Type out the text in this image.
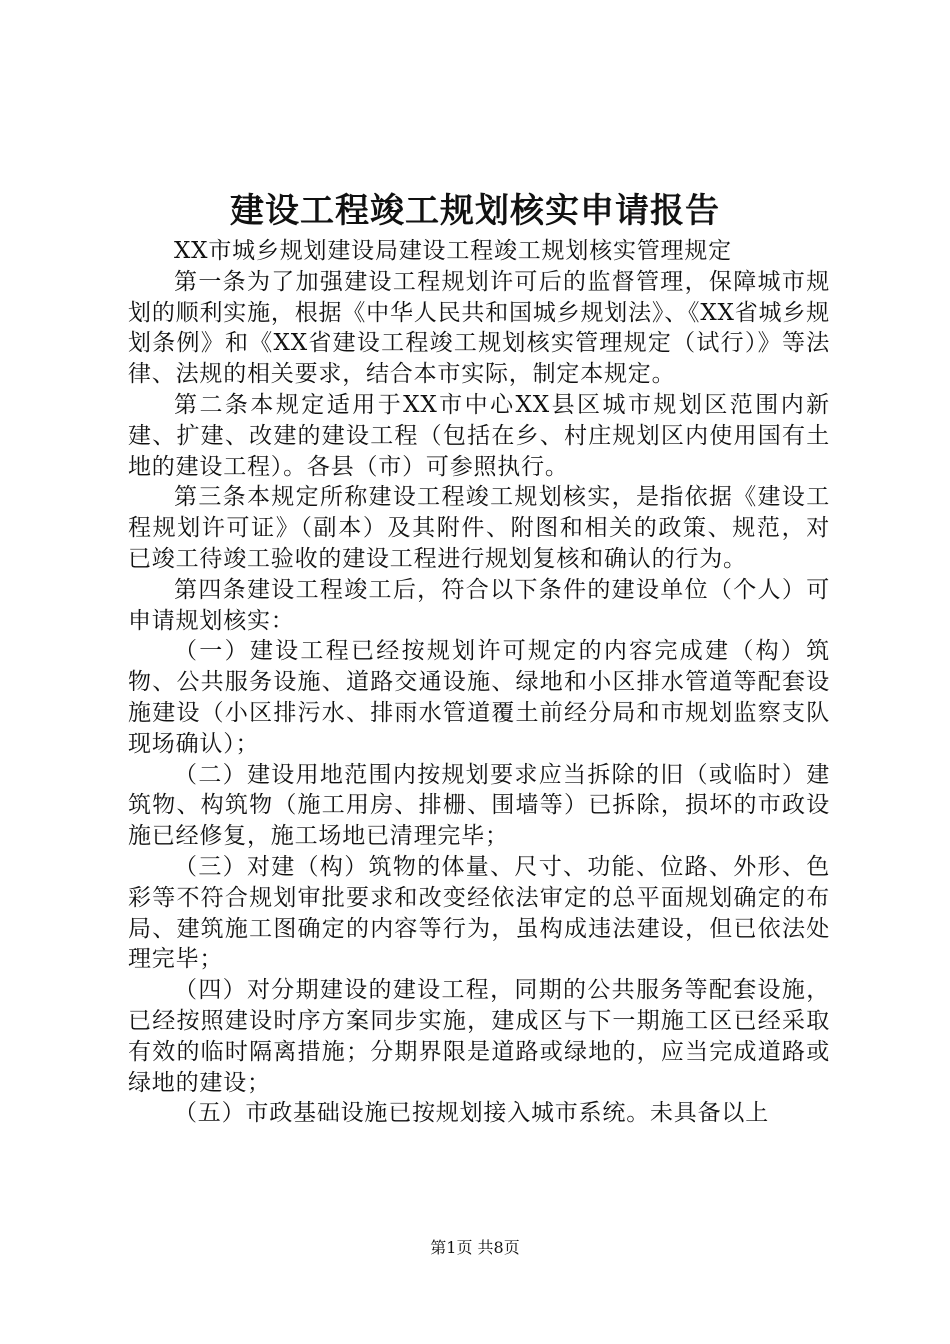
建设工程竣工规划核实申请报告

XX市城乡规划建设局建设工程竣工规划核实管理规定

第一条为了加强建设工程规划许可后的监督管理，保障城市规划的顺利实施，根据《中华人民共和国城乡规划法》、《XX省城乡规划条例》和《XX省建设工程竣工规划核实管理规定（试行）》等法律、法规的相关要求，结合本市实际，制定本规定。

第二条本规定适用于XX市中心XX县区城市规划区范围内新建、扩建、改建的建设工程（包括在乡、村庄规划区内使用国有土地的建设工程）。各县（市）可参照执行。

第三条本规定所称建设工程竣工规划核实，是指依据《建设工程规划许可证》（副本）及其附件、附图和相关的政策、规范，对已竣工待竣工验收的建设工程进行规划复核和确认的行为。

第四条建设工程竣工后，符合以下条件的建设单位（个人）可申请规划核实：

（一）建设工程已经按规划许可规定的内容完成建（构）筑物、公共服务设施、道路交通设施、绿地和小区排水管道等配套设施建设（小区排污水、排雨水管道覆土前经分局和市规划监察支队现场确认）；

（二）建设用地范围内按规划要求应当拆除的旧（或临时）建筑物、构筑物（施工用房、排栅、围墙等）已拆除，损坏的市政设施已经修复，施工场地已清理完毕；

（三）对建（构）筑物的体量、尺寸、功能、位路、外形、色彩等不符合规划审批要求和改变经依法审定的总平面规划确定的布局、建筑施工图确定的内容等行为，虽构成违法建设，但已依法处理完毕；

（四）对分期建设的建设工程，同期的公共服务等配套设施，已经按照建设时序方案同步实施，建成区与下一期施工区已经采取有效的临时隔离措施；分期界限是道路或绿地的，应当完成道路或绿地的建设；

（五）市政基础设施已按规划接入城市系统。未具备以上

第1页 共8页
